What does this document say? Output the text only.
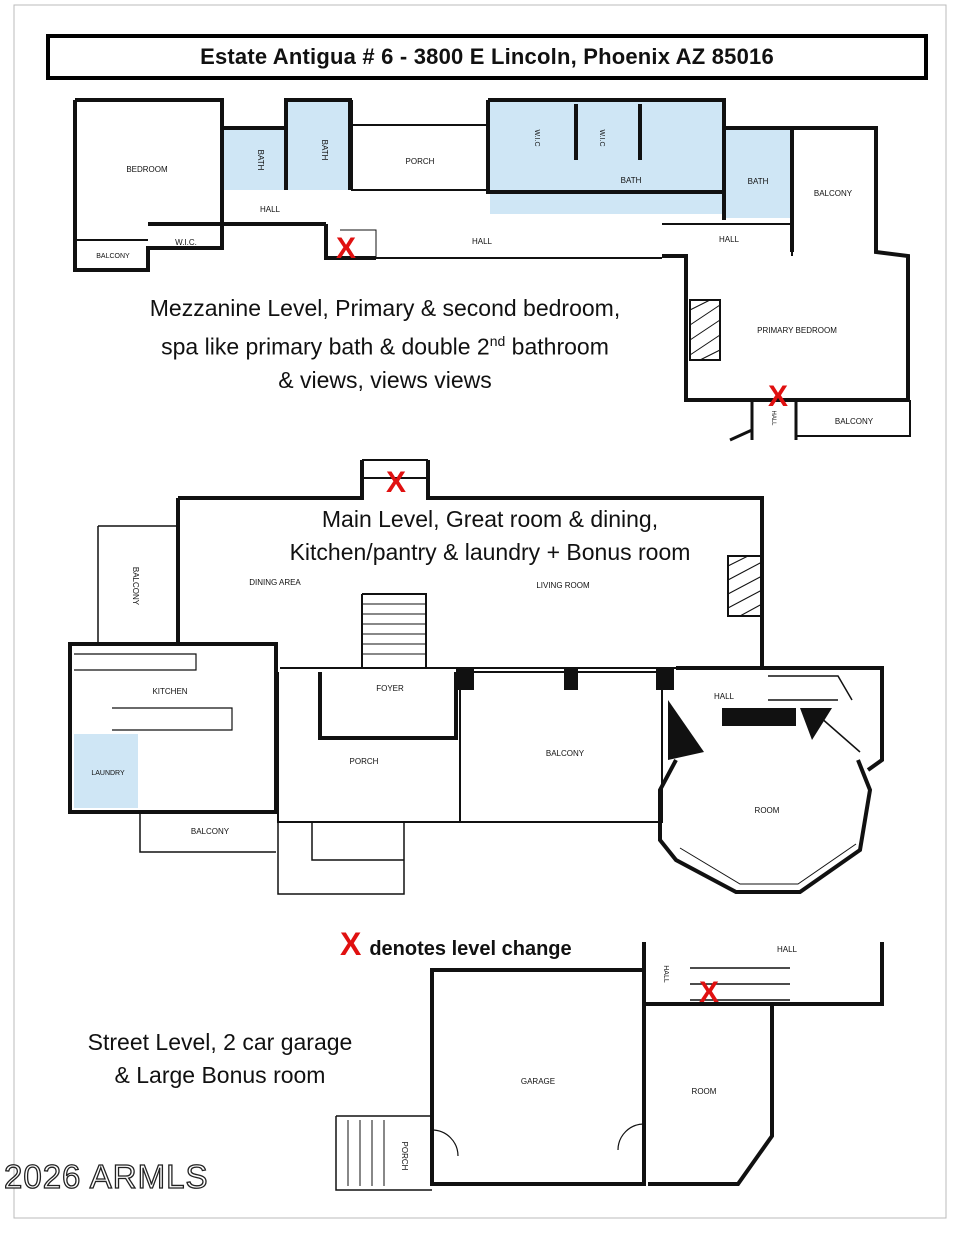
Estate Antigua # 6 - 3800 E Lincoln, Phoenix AZ 85016
BEDROOM	BATH	BATH
HALL
W.I.C.
BALCONY
PORCH
W.I.C	W.I.C
BATH
HALL
BATH
BALCONY
HALL
PRIMARY BEDROOM
HALL	BALCONY
BALCONY	DINING AREA	LIVING ROOM
KITCHEN
LAUNDRY
BALCONY
FOYER
PORCH
BALCONY
HALL
ROOM
HALL
HALL
GARAGE
ROOM
PORCH
X
X
X
X
Mezzanine Level, Primary & second bedroom,
spa like primary bath & double 2nd bathroom
& views, views views
Main Level, Great room & dining,
Kitchen/pantry & laundry + Bonus room
Street Level, 2 car garage
& Large Bonus room
X denotes level change
2026 ARMLS
